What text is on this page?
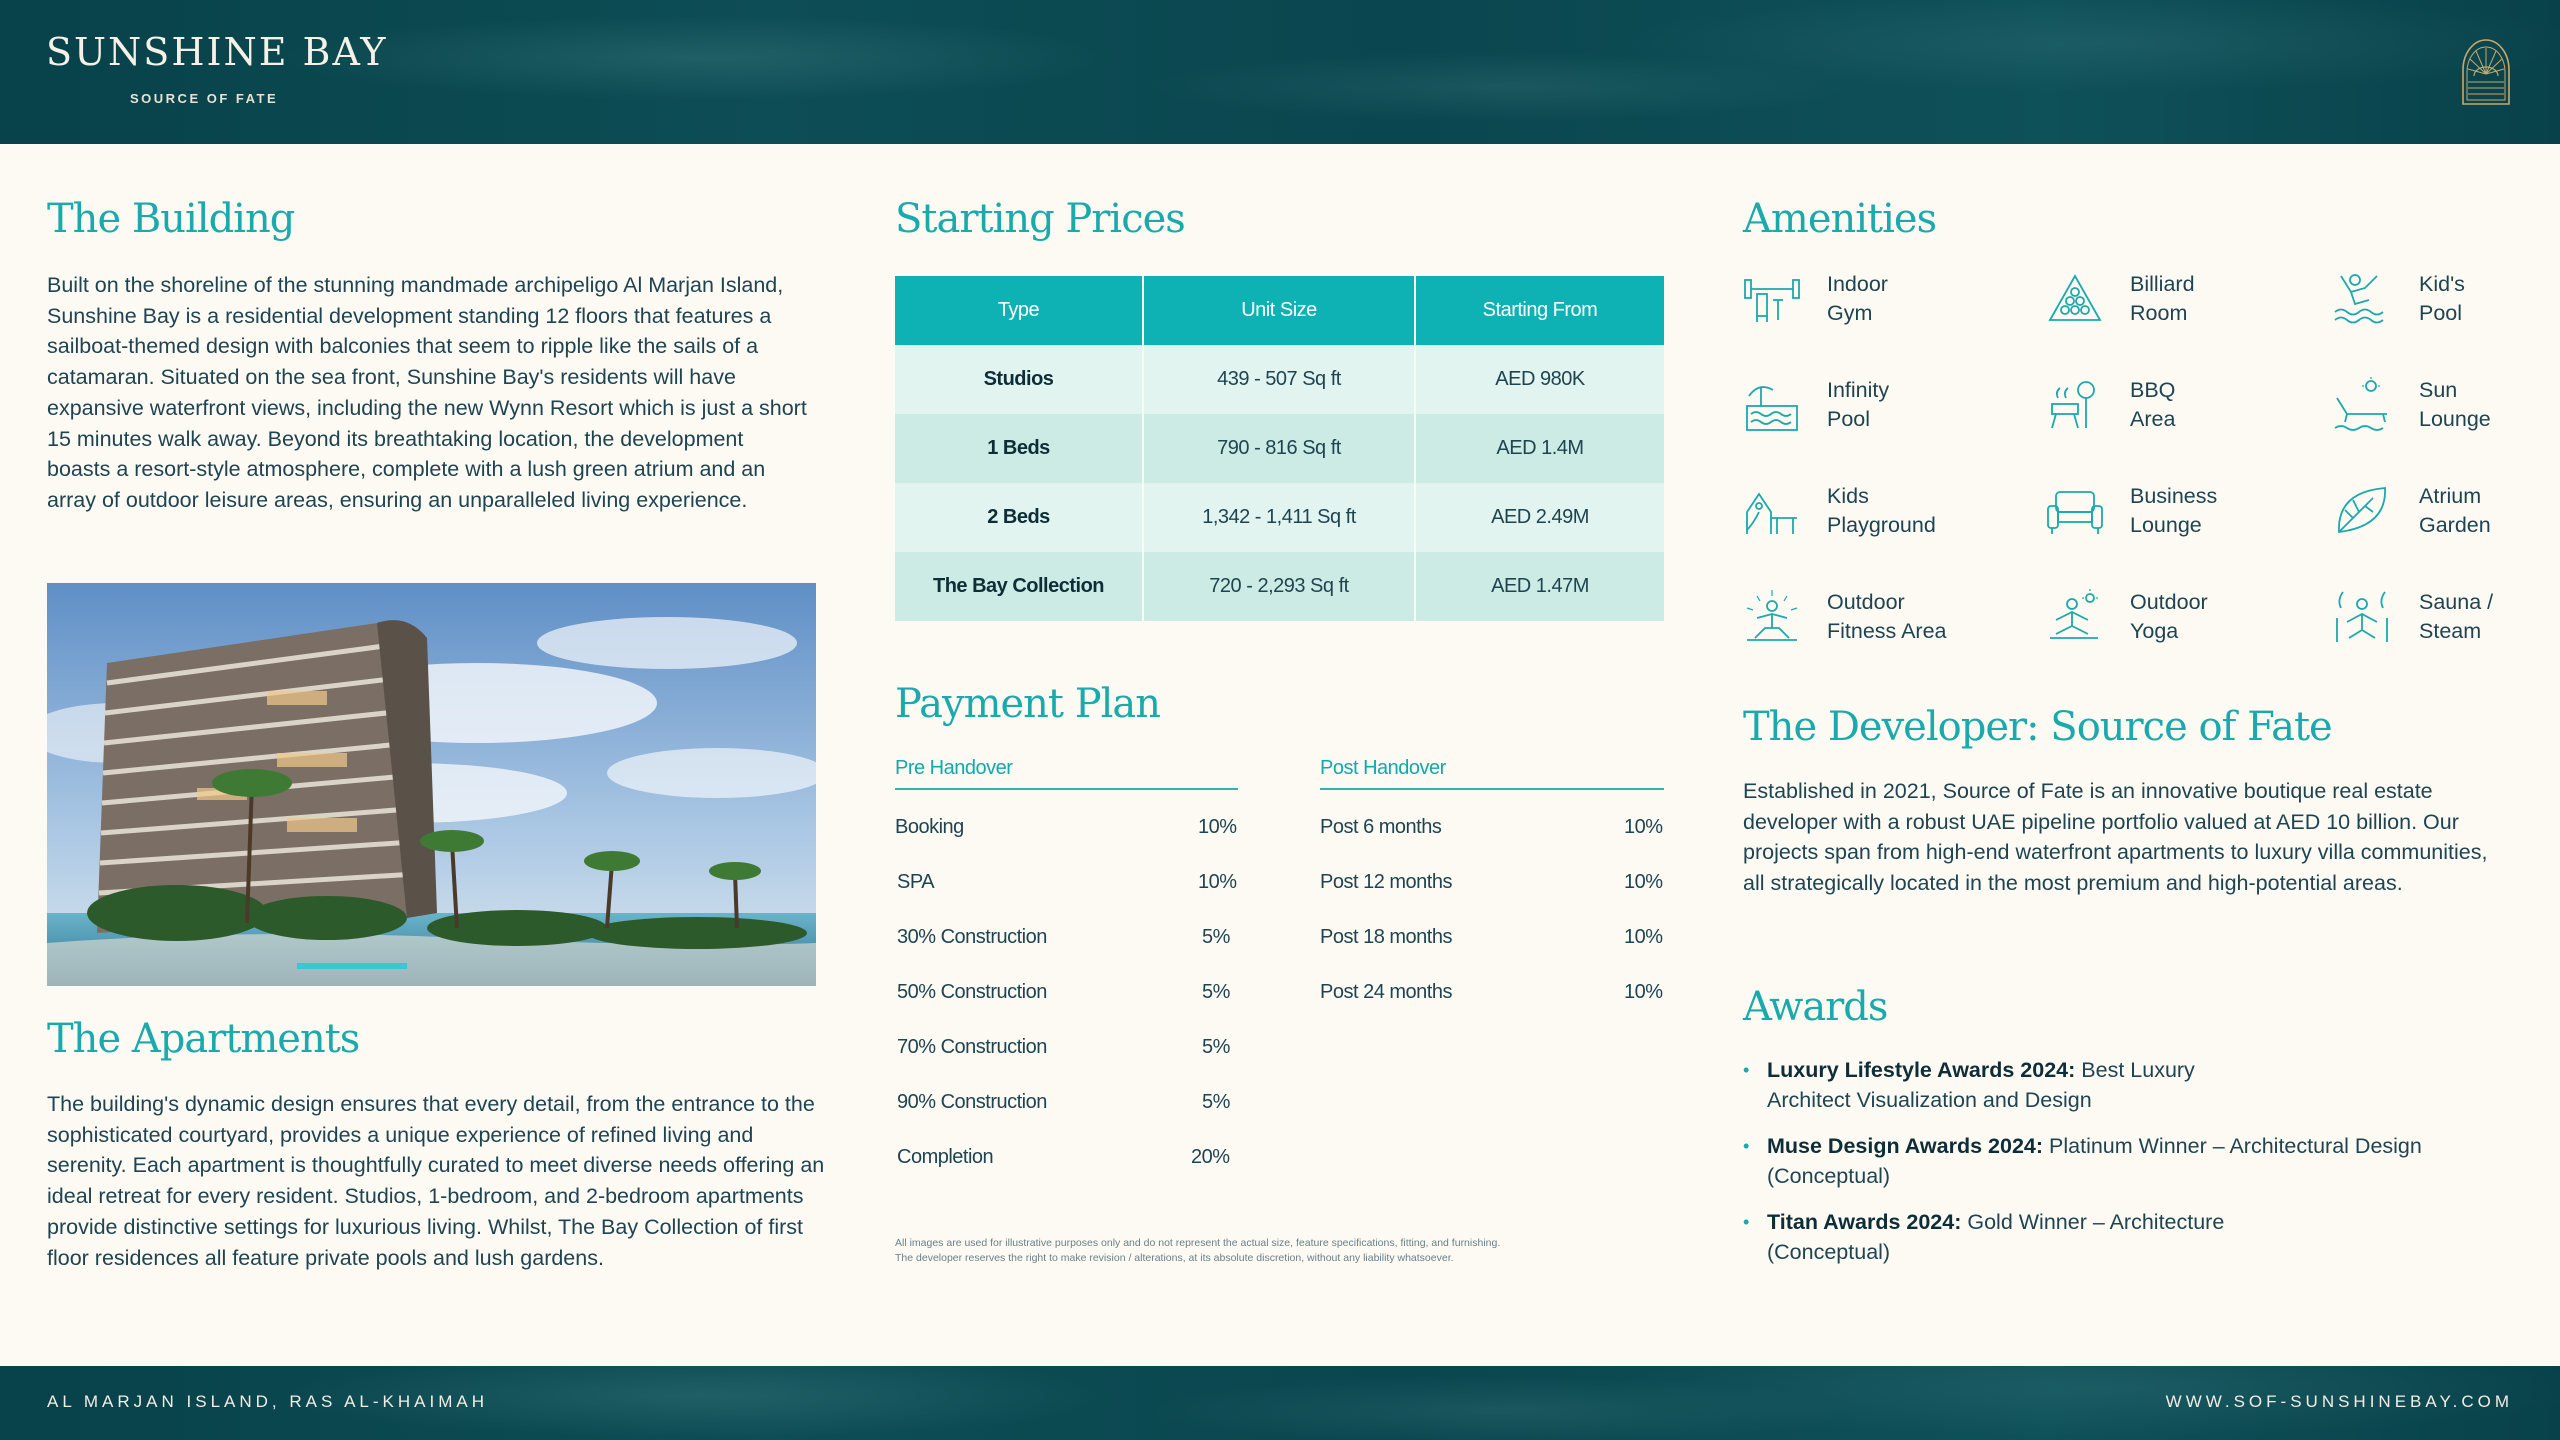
SUNSHINE BAY
SOURCE OF FATE
The Building

Built on the shoreline of the stunning mandmade archipeligo Al Marjan Island, Sunshine Bay is a residential development standing 12 floors that features a sailboat-themed design with balconies that seem to ripple like the sails of a catamaran. Situated on the sea front, Sunshine Bay's residents will have expansive waterfront views, including the new Wynn Resort which is just a short 15 minutes walk away. Beyond its breathtaking location, the development boasts a resort-style atmosphere, complete with a lush green atrium and an array of outdoor leisure areas, ensuring an unparalleled living experience.

The Apartments

The building's dynamic design ensures that every detail, from the entrance to the sophisticated courtyard, provides a unique experience of refined living and serenity. Each apartment is thoughtfully curated to meet diverse needs offering an ideal retreat for every resident. Studios, 1-bedroom, and 2-bedroom apartments provide distinctive settings for luxurious living. Whilst, The Bay Collection of first floor residences all feature private pools and lush gardens.

Starting Prices
Type	Unit Size	Starting From
Studios	439 - 507 Sq ft	AED 980K
1 Beds	790 - 816 Sq ft	AED 1.4M
2 Beds	1,342 - 1,411 Sq ft	AED 2.49M
The Bay Collection	720 - 2,293 Sq ft	AED 1.47M
Payment Plan
Pre Handover	Post Handover
Booking	10%
SPA	10%
30% Construction	5%
50% Construction	5%
70% Construction	5%
90% Construction	5%
Completion	20%
Post 6 months	10%
Post 12 months	10%
Post 18 months	10%
Post 24 months	10%
All images are used for illustrative purposes only and do not represent the actual size, feature specifications, fitting, and furnishing.
The developer reserves the right to make revision / alterations, at its absolute discretion, without any liability whatsoever.
Amenities
Indoor
Gym
Billiard
Room
Kid's
Pool
Infinity
Pool
BBQ
Area
Sun
Lounge
Kids
Playground
Business
Lounge
Atrium
Garden
Outdoor
Fitness Area
Outdoor
Yoga
Sauna /
Steam
The Developer: Source of Fate

Established in 2021, Source of Fate is an innovative boutique real estate developer with a robust UAE pipeline portfolio valued at AED 10 billion. Our projects span from high-end waterfront apartments to luxury villa communities, all strategically located in the most premium and high-potential areas.

Awards
• Luxury Lifestyle Awards 2024: Best Luxury Architect Visualization and Design
• Muse Design Awards 2024: Platinum Winner – Architectural Design (Conceptual)
• Titan Awards 2024: Gold Winner – Architecture (Conceptual)
AL MARJAN ISLAND, RAS AL-KHAIMAH	WWW.SOF-SUNSHINEBAY.COM
